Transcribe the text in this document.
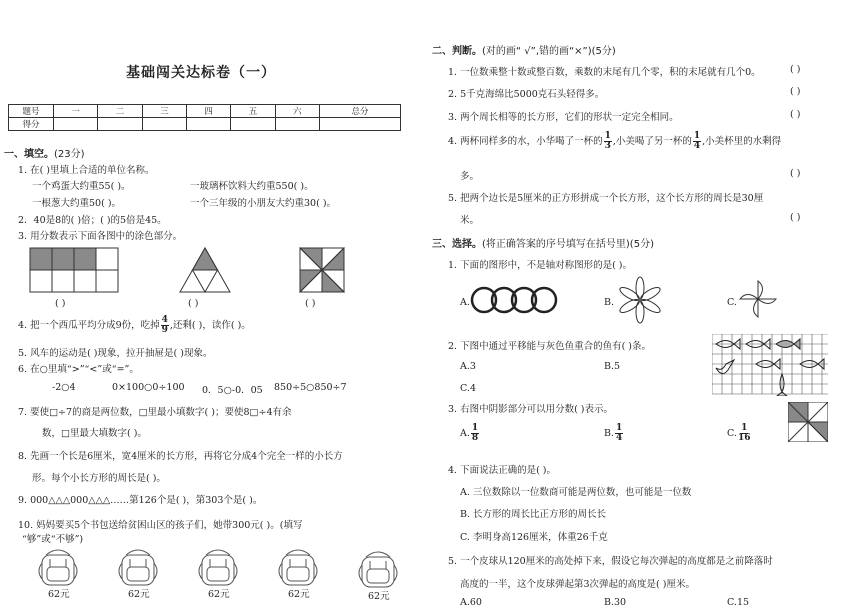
基础闯关达标卷（一）
题号	一	二	三	四	五	六	总分
得分							
一、填空。(23分)
1. 在( )里填上合适的单位名称。
一个鸡蛋大约重55( )。	一玻璃杯饮料大约重550( )。
一根葱大约重50( )。	一个三年级的小朋友大约重30( )。
2．40是8的( )倍；( )的5倍是45。
3. 用分数表示下面各图中的涂色部分。
( )	( )	( )
4. 把一个西瓜平均分成9份，吃掉 $\frac{4}{9}$ ,还剩( )，读作( )。
5. 风车的运动是( )现象，拉开抽屉是( )现象。
6. 在○里填“>”“<”或“=”。
-2○4	0×100○0÷100 0．5○-0．05 850÷5○850÷7
7. 要使□÷7的商是两位数，□里最小填数字( )；要使8□÷4有余
数，□里最大填数字( )。
8. 先画一个长是6厘米，宽4厘米的长方形，再将它分成4个完全一样的小长方
形。每个小长方形的周长是( )。
9. 000△△△000△△△……第126个是( )，第303个是( )。
10. 妈妈要买5个书包送给贫困山区的孩子们，她带300元( )。(填写
“够”或“不够”)
62元	62元	62元	62元	62元
二、判断。(对的画“ √”,错的画“×”)(5分)
1. 一位数乘整十数或整百数，乘数的末尾有几个零，积的末尾就有几个0。	( )
2. 5千克海绵比5000克石头轻得多。	( )
3. 两个周长相等的长方形，它们的形状一定完全相同。	( )
4. 两杯同样多的水，小华喝了一杯的 $\frac{1}{3}$ ,小美喝了另一杯的 $\frac{1}{4}$ ,小美杯里的水剩得
多。	( )
5. 把两个边长是5厘米的正方形拼成一个长方形，这个长方形的周长是30厘
米。	( )
三、选择。(将正确答案的序号填写在括号里)(5分)
1. 下面的图形中，不是轴对称图形的是( )。
A.	B.	C.
2. 下图中通过平移能与灰色鱼重合的鱼有( )条。
A.3	B.5
C.4
3. 右图中阴影部分可以用分数( )表示。
A. $\frac{1}{8}$	B. $\frac{1}{4}$	C. $\frac{1}{16}$
4. 下面说法正确的是( )。
A. 三位数除以一位数商可能是两位数，也可能是一位数
B. 长方形的周长比正方形的周长长
C. 李明身高126厘米，体重26千克
5. 一个皮球从120厘米的高处掉下来，假设它每次弹起的高度都是之前降落时
高度的一半，这个皮球弹起第3次弹起的高度是( )厘米。
A.60	B.30	C.15
